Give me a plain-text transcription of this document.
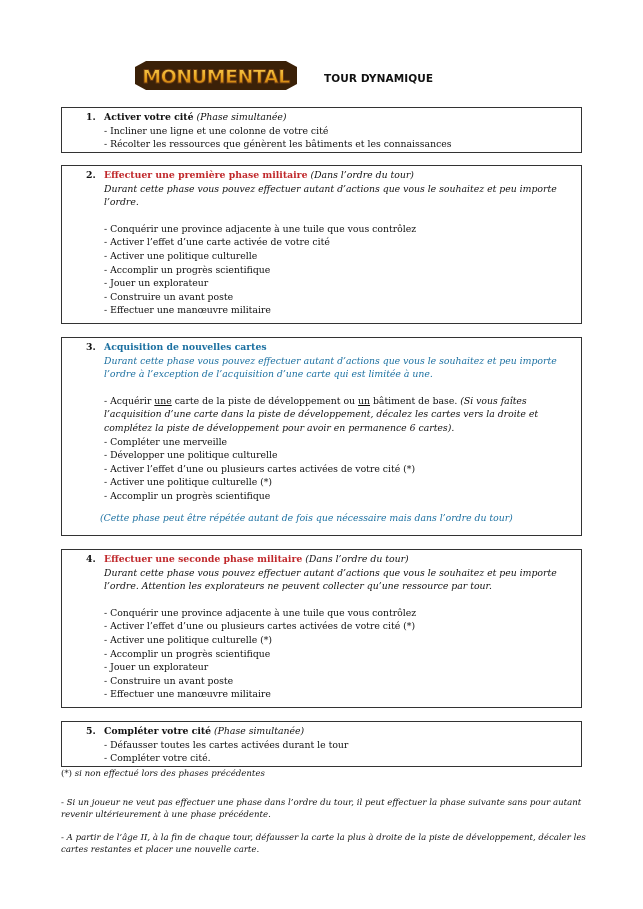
MONUMENTAL	TOUR DYNAMIQUE
1. Activer votre cité (Phase simultanée)
- Incliner une ligne et une colonne de votre cité
- Récolter les ressources que génèrent les bâtiments et les connaissances
2. Effectuer une première phase militaire (Dans l’ordre du tour)
Durant cette phase vous pouvez effectuer autant d’actions que vous le souhaitez et peu importe
l’ordre.
- Conquérir une province adjacente à une tuile que vous contrôlez
- Activer l’effet d’une carte activée de votre cité
- Activer une politique culturelle
- Accomplir un progrès scientifique
- Jouer un explorateur
- Construire un avant poste
- Effectuer une manœuvre militaire
3. Acquisition de nouvelles cartes
Durant cette phase vous pouvez effectuer autant d’actions que vous le souhaitez et peu importe
l’ordre à l’exception de l’acquisition d’une carte qui est limitée à une.
- Acquérir une carte de la piste de développement ou un bâtiment de base. (Si vous faîtes
l’acquisition d’une carte dans la piste de développement, décalez les cartes vers la droite et
complétez la piste de développement pour avoir en permanence 6 cartes).
- Compléter une merveille
- Développer une politique culturelle
- Activer l’effet d’une ou plusieurs cartes activées de votre cité (*)
- Activer une politique culturelle (*)
- Accomplir un progrès scientifique
(Cette phase peut être répétée autant de fois que nécessaire mais dans l’ordre du tour)
4. Effectuer une seconde phase militaire (Dans l’ordre du tour)
Durant cette phase vous pouvez effectuer autant d’actions que vous le souhaitez et peu importe
l’ordre. Attention les explorateurs ne peuvent collecter qu’une ressource par tour.
- Conquérir une province adjacente à une tuile que vous contrôlez
- Activer l’effet d’une ou plusieurs cartes activées de votre cité (*)
- Activer une politique culturelle (*)
- Accomplir un progrès scientifique
- Jouer un explorateur
- Construire un avant poste
- Effectuer une manœuvre militaire
5. Compléter votre cité (Phase simultanée)
- Défausser toutes les cartes activées durant le tour
- Compléter votre cité.
(*) si non effectué lors des phases précédentes
- Si un joueur ne veut pas effectuer une phase dans l’ordre du tour, il peut effectuer la phase suivante sans pour autant revenir ultérieurement à une phase précédente.
- A partir de l’âge II, à la fin de chaque tour, défausser la carte la plus à droite de la piste de développement, décaler les cartes restantes et placer une nouvelle carte.
